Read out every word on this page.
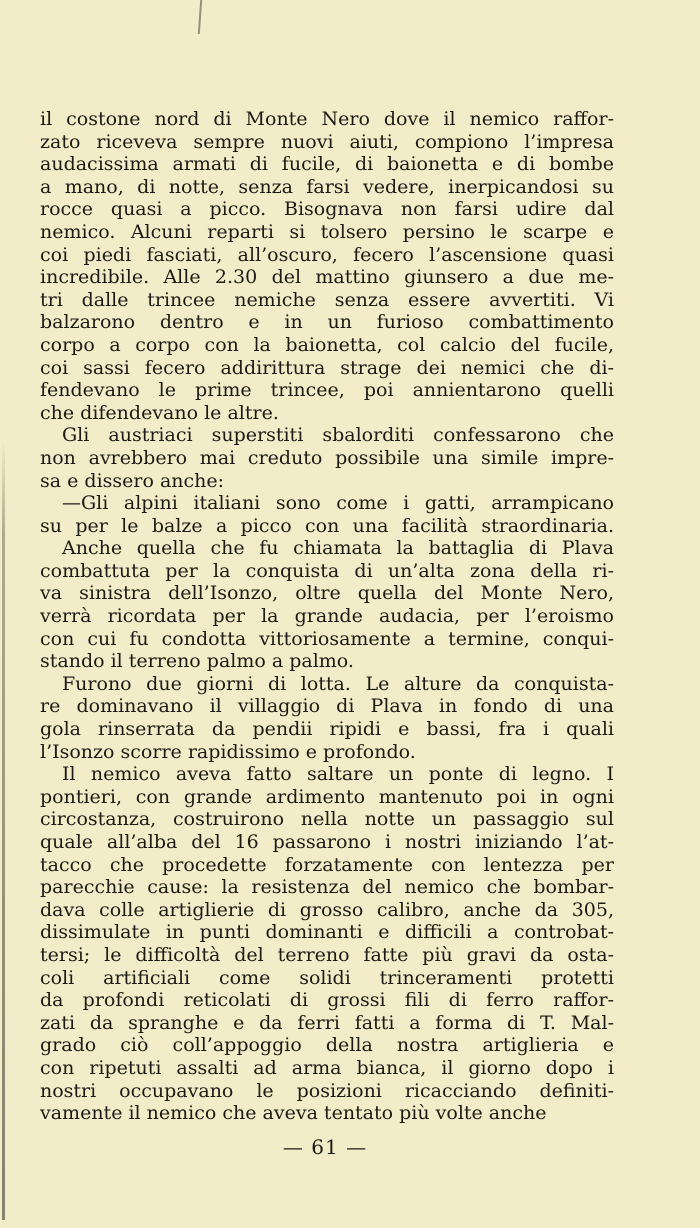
il costone nord di Monte Nero dove il nemico raffor-
zato riceveva sempre nuovi aiuti, compiono l’impresa
audacissima armati di fucile, di baionetta e di bombe
a mano, di notte, senza farsi vedere, inerpicandosi su
rocce quasi a picco. Bisognava non farsi udire dal
nemico. Alcuni reparti si tolsero persino le scarpe e
coi piedi fasciati, all’oscuro, fecero l’ascensione quasi
incredibile. Alle 2.30 del mattino giunsero a due me-
tri dalle trincee nemiche senza essere avvertiti. Vi
balzarono dentro e in un furioso combattimento
corpo a corpo con la baionetta, col calcio del fucile,
coi sassi fecero addirittura strage dei nemici che di-
fendevano le prime trincee, poi annientarono quelli
che difendevano le altre.
Gli austriaci superstiti sbalorditi confessarono che
non avrebbero mai creduto possibile una simile impre-
sa e dissero anche:
—Gli alpini italiani sono come i gatti, arrampicano
su per le balze a picco con una facilità straordinaria.
Anche quella che fu chiamata la battaglia di Plava
combattuta per la conquista di un’alta zona della ri-
va sinistra dell’Isonzo, oltre quella del Monte Nero,
verrà ricordata per la grande audacia, per l’eroismo
con cui fu condotta vittoriosamente a termine, conqui-
stando il terreno palmo a palmo.
Furono due giorni di lotta. Le alture da conquista-
re dominavano il villaggio di Plava in fondo di una
gola rinserrata da pendii ripidi e bassi, fra i quali
l’Isonzo scorre rapidissimo e profondo.
Il nemico aveva fatto saltare un ponte di legno. I
pontieri, con grande ardimento mantenuto poi in ogni
circostanza, costruirono nella notte un passaggio sul
quale all’alba del 16 passarono i nostri iniziando l’at-
tacco che procedette forzatamente con lentezza per
parecchie cause: la resistenza del nemico che bombar-
dava colle artiglierie di grosso calibro, anche da 305,
dissimulate in punti dominanti e difficili a controbat-
tersi; le difficoltà del terreno fatte più gravi da osta-
coli artificiali come solidi trinceramenti protetti
da profondi reticolati di grossi fili di ferro raffor-
zati da spranghe e da ferri fatti a forma di T. Mal-
grado ciò coll’appoggio della nostra artiglieria e
con ripetuti assalti ad arma bianca, il giorno dopo i
nostri occupavano le posizioni ricacciando definiti-
vamente il nemico che aveva tentato più volte anche
— 61 —
